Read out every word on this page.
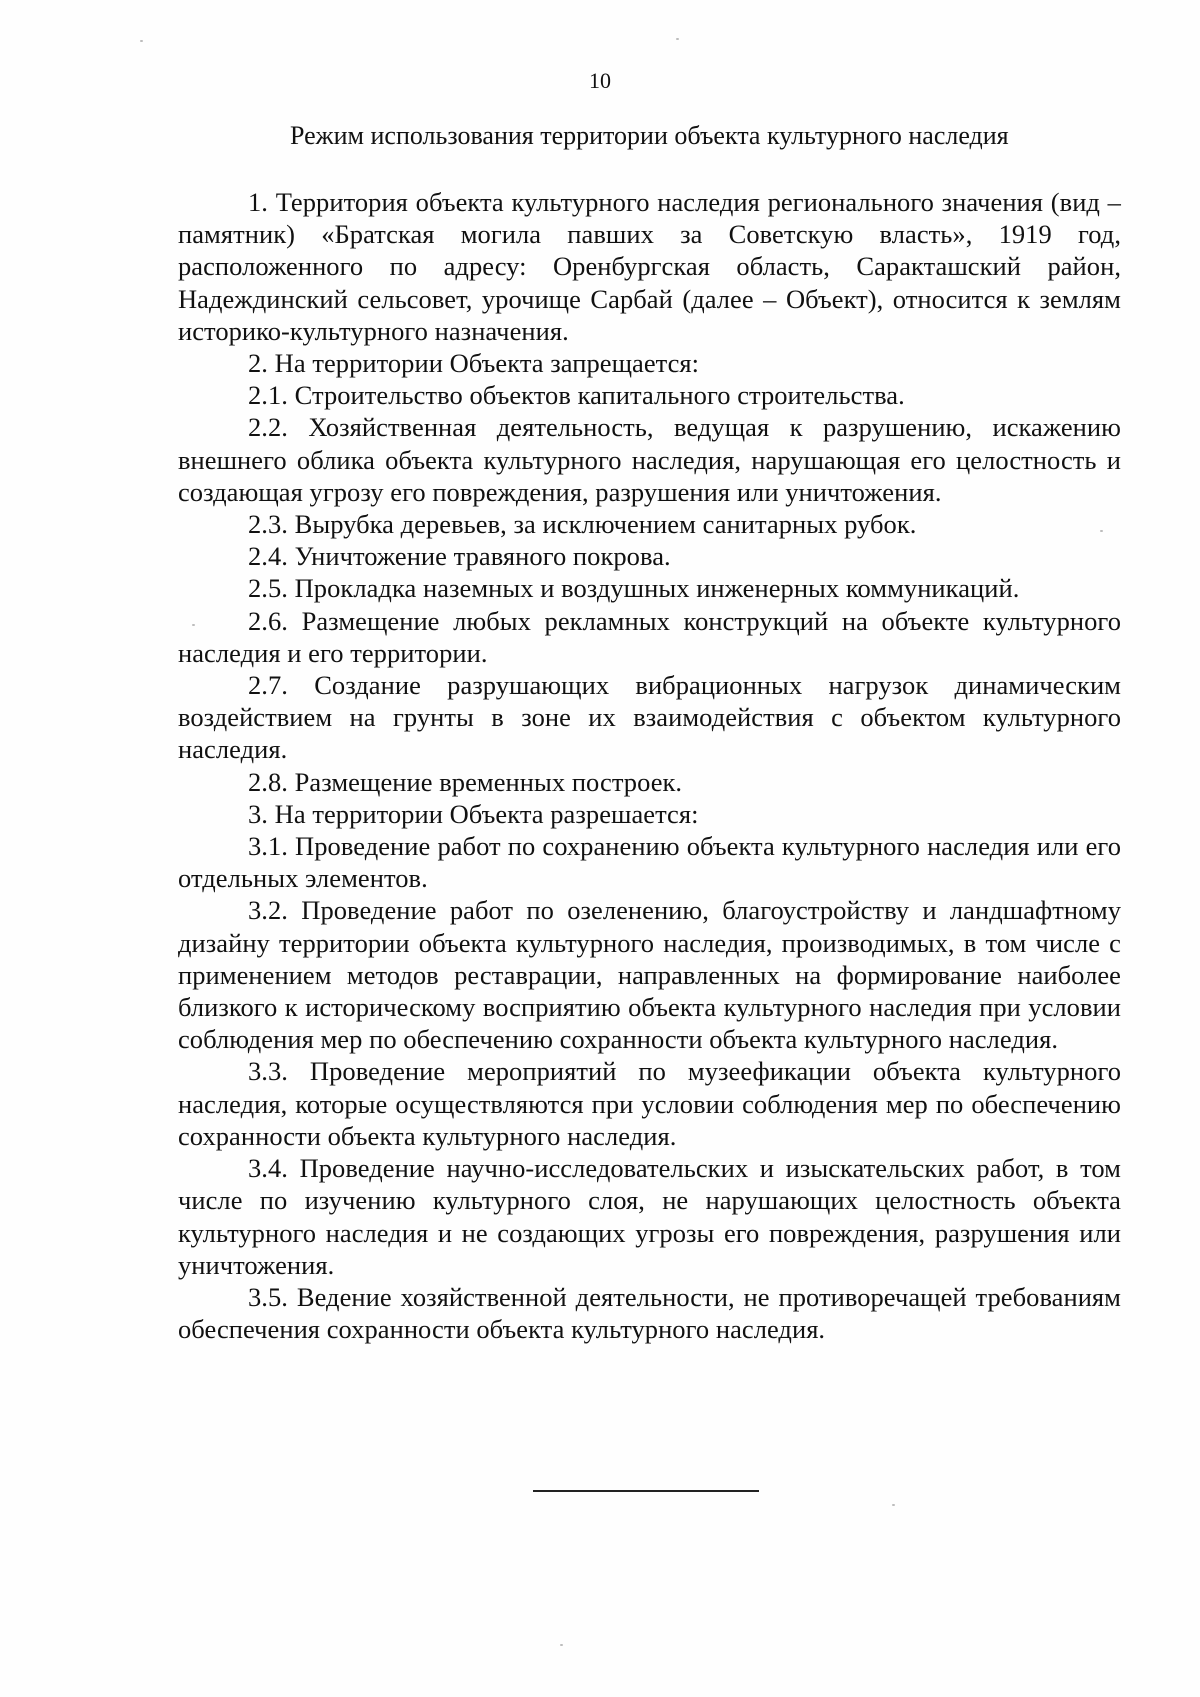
10
Режим использования территории объекта культурного наследия

1. Территория объекта культурного наследия регионального значения (вид – памятник) «Братская могила павших за Советскую власть», 1919 год, расположенного по адресу: Оренбургская область, Саракташский район, Надеждинский сельсовет, урочище Сарбай (далее – Объект), относится к землям историко-культурного назначения.

2. На территории Объекта запрещается:

2.1. Строительство объектов капитального строительства.

2.2. Хозяйственная деятельность, ведущая к разрушению, искажению внешнего облика объекта культурного наследия, нарушающая его целостность и создающая угрозу его повреждения, разрушения или уничтожения.

2.3. Вырубка деревьев, за исключением санитарных рубок.

2.4. Уничтожение травяного покрова.

2.5. Прокладка наземных и воздушных инженерных коммуникаций.

2.6. Размещение любых рекламных конструкций на объекте культурного наследия и его территории.

2.7. Создание разрушающих вибрационных нагрузок динамическим воздействием на грунты в зоне их взаимодействия с объектом культурного наследия.

2.8. Размещение временных построек.

3. На территории Объекта разрешается:

3.1. Проведение работ по сохранению объекта культурного наследия или его отдельных элементов.

3.2. Проведение работ по озеленению, благоустройству и ландшафтному дизайну территории объекта культурного наследия, производимых, в том числе с применением методов реставрации, направленных на формирование наиболее близкого к историческому восприятию объекта культурного наследия при условии соблюдения мер по обеспечению сохранности объекта культурного наследия.

3.3. Проведение мероприятий по музеефикации объекта культурного наследия, которые осуществляются при условии соблюдения мер по обеспечению сохранности объекта культурного наследия.

3.4. Проведение научно-исследовательских и изыскательских работ, в том числе по изучению культурного слоя, не нарушающих целостность объекта культурного наследия и не создающих угрозы его повреждения, разрушения или уничтожения.

3.5. Ведение хозяйственной деятельности, не противоречащей требованиям обеспечения сохранности объекта культурного наследия.
